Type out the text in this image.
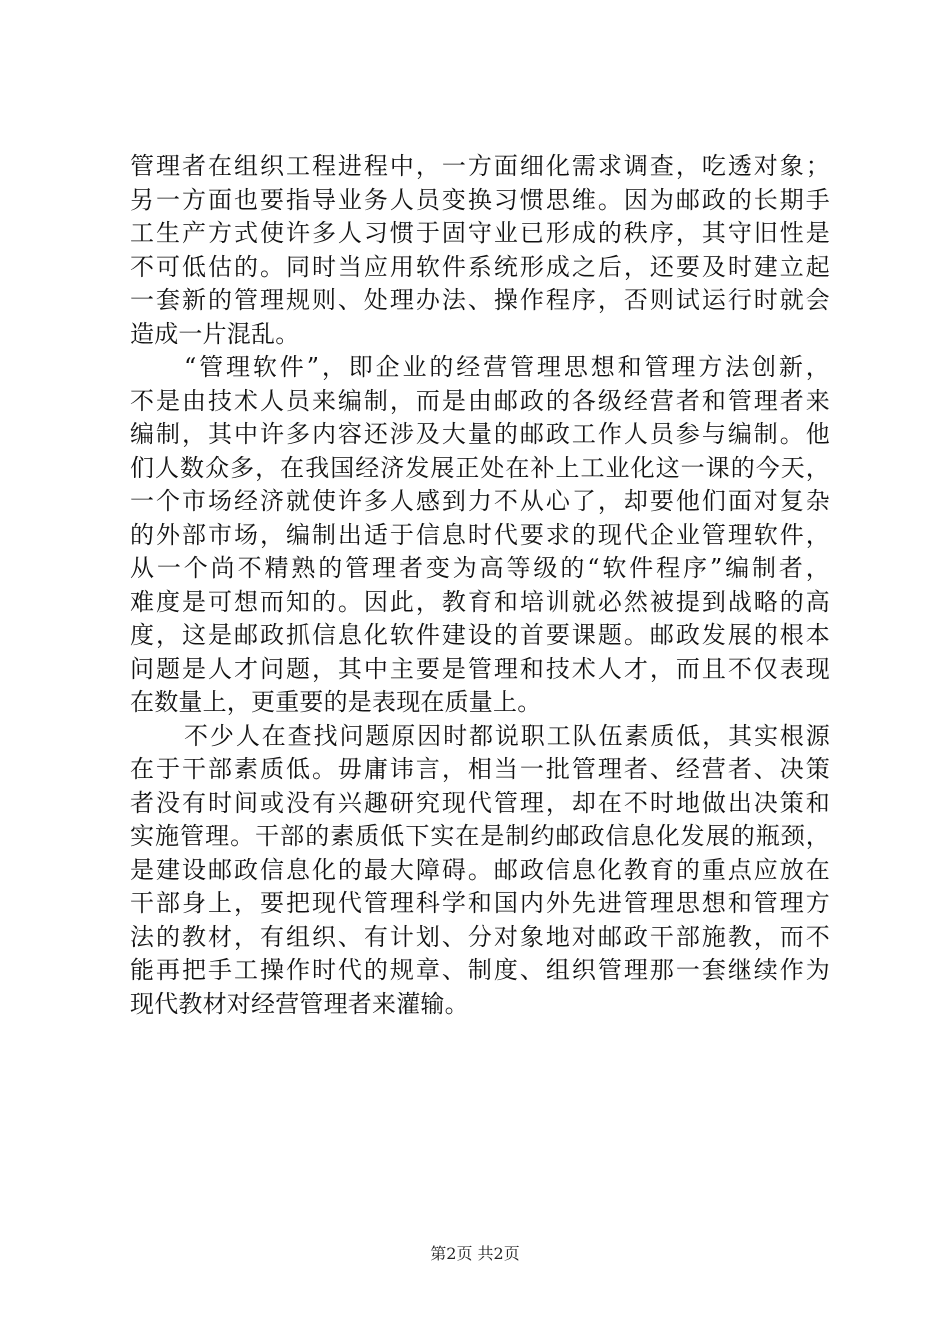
管理者在组织工程进程中，一方面细化需求调查，吃透对象；
另一方面也要指导业务人员变换习惯思维。因为邮政的长期手
工生产方式使许多人习惯于固守业已形成的秩序，其守旧性是
不可低估的。同时当应用软件系统形成之后，还要及时建立起
一套新的管理规则、处理办法、操作程序，否则试运行时就会
造成一片混乱。
“管理软件”，即企业的经营管理思想和管理方法创新，
不是由技术人员来编制，而是由邮政的各级经营者和管理者来
编制，其中许多内容还涉及大量的邮政工作人员参与编制。他
们人数众多，在我国经济发展正处在补上工业化这一课的今天，
一个市场经济就使许多人感到力不从心了，却要他们面对复杂
的外部市场，编制出适于信息时代要求的现代企业管理软件，
从一个尚不精熟的管理者变为高等级的“软件程序”编制者，
难度是可想而知的。因此，教育和培训就必然被提到战略的高
度，这是邮政抓信息化软件建设的首要课题。邮政发展的根本
问题是人才问题，其中主要是管理和技术人才，而且不仅表现
在数量上，更重要的是表现在质量上。
不少人在查找问题原因时都说职工队伍素质低，其实根源
在于干部素质低。毋庸讳言，相当一批管理者、经营者、决策
者没有时间或没有兴趣研究现代管理，却在不时地做出决策和
实施管理。干部的素质低下实在是制约邮政信息化发展的瓶颈，
是建设邮政信息化的最大障碍。邮政信息化教育的重点应放在
干部身上，要把现代管理科学和国内外先进管理思想和管理方
法的教材，有组织、有计划、分对象地对邮政干部施教，而不
能再把手工操作时代的规章、制度、组织管理那一套继续作为
现代教材对经营管理者来灌输。
第2页 共2页
